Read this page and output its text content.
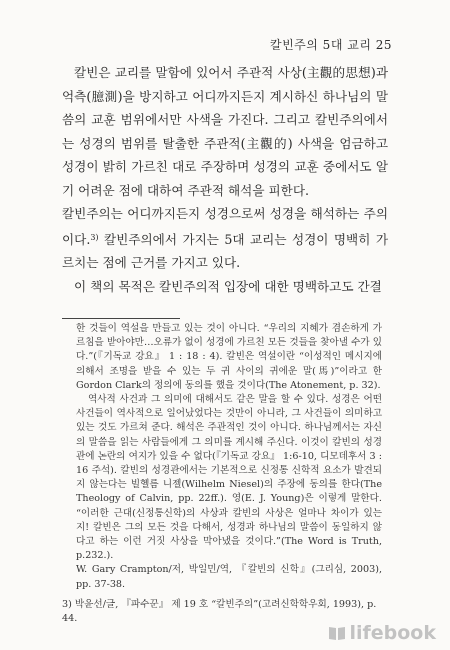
칼빈주의 5대 교리 25

칼빈은 교리를 말함에 있어서 주관적 사상(主觀的思想)과 억측(臆測)을 방지하고 어디까지든지 계시하신 하나님의 말씀의 교훈 범위에서만 사색을 가진다. 그리고 칼빈주의에서는 성경의 범위를 탈출한 주관적(主觀的) 사색을 엄금하고 성경이 밝히 가르친 대로 주장하며 성경의 교훈 중에서도 알기 어려운 점에 대하여 주관적 해석을 피한다.

칼빈주의는 어디까지든지 성경으로써 성경을 해석하는 주의이다.$^{3)}$ 칼빈주의에서 가지는 5대 교리는 성경이 명백히 가르치는 점에 근거를 가지고 있다.

이 책의 목적은 칼빈주의적 입장에 대한 명백하고도 간결

한 것들이 역설을 만들고 있는 것이 아니다. “우리의 지혜가 겸손하게 가르침을 받아야만…오류가 없이 성경에 가르친 모든 것들을 찾아낼 수가 있다.”(『기독교 강요』 1 : 18 : 4). 칼빈은 역설이란 “이성적인 메시지에 의해서 조명을 받을 수 있는 두 귀 사이의 귀에운 말(馬)”이라고 한 Gordon Clark의 정의에 동의를 했을 것이다(The Atonement, p. 32).

역사적 사건과 그 의미에 대해서도 같은 말을 할 수 있다. 성경은 어떤 사건들이 역사적으로 일어났었다는 것만이 아니라, 그 사건들이 의미하고 있는 것도 가르쳐 준다. 해석은 주관적인 것이 아니다. 하나님께서는 자신의 말씀을 읽는 사람들에게 그 의미를 계시해 주신다. 이것이 칼빈의 성경관에 논란의 여지가 있을 수 없다(『기독교 강요』 1:6-10, 디모데후서 3 : 16 주석). 칼빈의 성경관에서는 기본적으로 신정통 신학적 요소가 발견되지 않는다는 빌헬름 니젤(Wilhelm Niesel)의 주장에 동의를 한다(The Theology of Calvin, pp. 22ff.). 영(E. J. Young)은 이렇게 말한다. “이러한 근대(신정통신학)의 사상과 칼빈의 사상은 얼마나 차이가 있는지! 칼빈은 그의 모든 것을 다해서, 성경과 하나님의 말씀이 동일하지 않다고 하는 이런 거짓 사상을 막아냈을 것이다.”(The Word is Truth, p.232.).

W. Gary Crampton/저, 박일민/역, 『칼빈의 신학』(그리심, 2003), pp. 37-38.

3) 박윤선/글, 『파수꾼』 제 19 호 “칼빈주의”(고려신학학우회, 1993), p. 44.
lifebook
